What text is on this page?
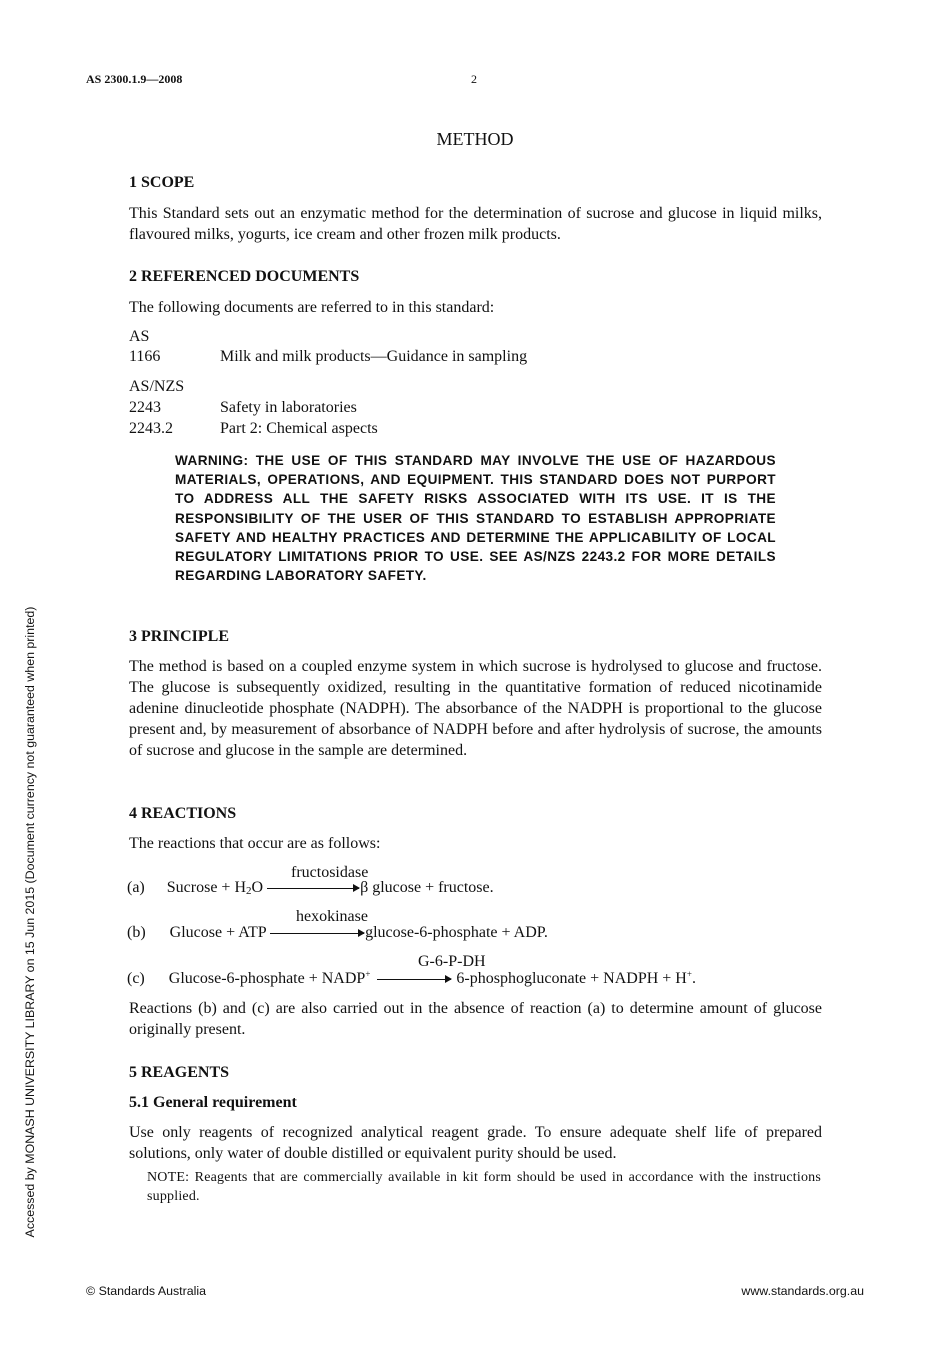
AS 2300.1.9—2008	2
Accessed by MONASH UNIVERSITY LIBRARY on 15 Jun 2015 (Document currency not guaranteed when printed)
METHOD
1 SCOPE
This Standard sets out an enzymatic method for the determination of sucrose and glucose in liquid milks, flavoured milks, yogurts, ice cream and other frozen milk products.
2 REFERENCED DOCUMENTS
The following documents are referred to in this standard:
AS
1166	Milk and milk products—Guidance in sampling
AS/NZS
2243	Safety in laboratories
2243.2	Part 2: Chemical aspects
WARNING: THE USE OF THIS STANDARD MAY INVOLVE THE USE OF HAZARDOUS MATERIALS, OPERATIONS, AND EQUIPMENT. THIS STANDARD DOES NOT PURPORT TO ADDRESS ALL THE SAFETY RISKS ASSOCIATED WITH ITS USE. IT IS THE RESPONSIBILITY OF THE USER OF THIS STANDARD TO ESTABLISH APPROPRIATE SAFETY AND HEALTHY PRACTICES AND DETERMINE THE APPLICABILITY OF LOCAL REGULATORY LIMITATIONS PRIOR TO USE. SEE AS/NZS 2243.2 FOR MORE DETAILS REGARDING LABORATORY SAFETY.
3 PRINCIPLE
The method is based on a coupled enzyme system in which sucrose is hydrolysed to glucose and fructose. The glucose is subsequently oxidized, resulting in the quantitative formation of reduced nicotinamide adenine dinucleotide phosphate (NADPH). The absorbance of the NADPH is proportional to the glucose present and, by measurement of absorbance of NADPH before and after hydrolysis of sucrose, the amounts of sucrose and glucose in the sample are determined.
4 REACTIONS
The reactions that occur are as follows:
fructosidase
(a) Sucrose + $H_2O$	β glucose + fructose.
hexokinase
(b) Glucose + ATP	glucose-6-phosphate + ADP.
G-6-P-DH
(c) Glucose-6-phosphate + NADP+	6-phosphogluconate + NADPH + H+.
Reactions (b) and (c) are also carried out in the absence of reaction (a) to determine amount of glucose originally present.
5 REAGENTS
5.1 General requirement
Use only reagents of recognized analytical reagent grade. To ensure adequate shelf life of prepared solutions, only water of double distilled or equivalent purity should be used.
NOTE: Reagents that are commercially available in kit form should be used in accordance with the instructions supplied.
© Standards Australia	www.standards.org.au
